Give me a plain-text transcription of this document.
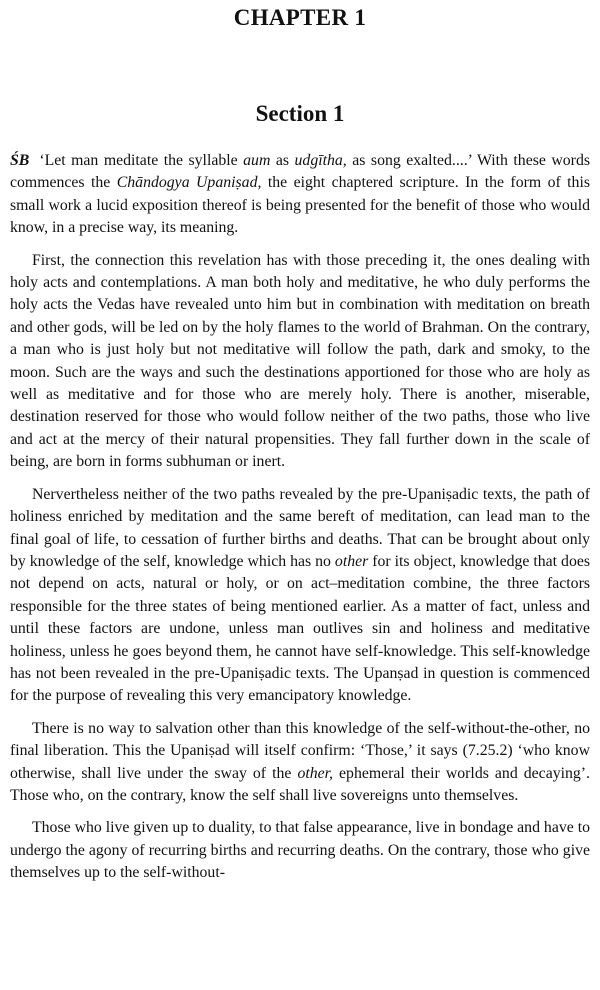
CHAPTER 1
Section 1

ŚB ‘Let man meditate the syllable aum as udgītha, as song exalted....’ With these words commences the Chāndogya Upaniṣad, the eight chaptered scripture. In the form of this small work a lucid exposition thereof is being presented for the benefit of those who would know, in a precise way, its meaning.

First, the connection this revelation has with those preceding it, the ones dealing with holy acts and contemplations. A man both holy and meditative, he who duly performs the holy acts the Vedas have revealed unto him but in combination with meditation on breath and other gods, will be led on by the holy flames to the world of Brahman. On the contrary, a man who is just holy but not meditative will follow the path, dark and smoky, to the moon. Such are the ways and such the destinations apportioned for those who are holy as well as meditative and for those who are merely holy. There is another, miserable, destination reserved for those who would follow neither of the two paths, those who live and act at the mercy of their natural propensities. They fall further down in the scale of being, are born in forms subhuman or inert.

Nervertheless neither of the two paths revealed by the pre-Upaniṣadic texts, the path of holiness enriched by meditation and the same bereft of meditation, can lead man to the final goal of life, to cessation of further births and deaths. That can be brought about only by knowledge of the self, knowledge which has no other for its object, knowledge that does not depend on acts, natural or holy, or on act–meditation combine, the three factors responsible for the three states of being mentioned earlier. As a matter of fact, unless and until these factors are undone, unless man outlives sin and holiness and meditative holiness, unless he goes beyond them, he cannot have self-knowledge. This self-knowledge has not been revealed in the pre-Upaniṣadic texts. The Upanṣad in question is commenced for the purpose of revealing this very emancipatory knowledge.

There is no way to salvation other than this knowledge of the self-without-the-other, no final liberation. This the Upaniṣad will itself confirm: ‘Those,’ it says (7.25.2) ‘who know otherwise, shall live under the sway of the other, ephemeral their worlds and decaying’. Those who, on the contrary, know the self shall live sovereigns unto themselves.

Those who live given up to duality, to that false appearance, live in bondage and have to undergo the agony of recurring births and recurring deaths. On the contrary, those who give themselves up to the self-without-
